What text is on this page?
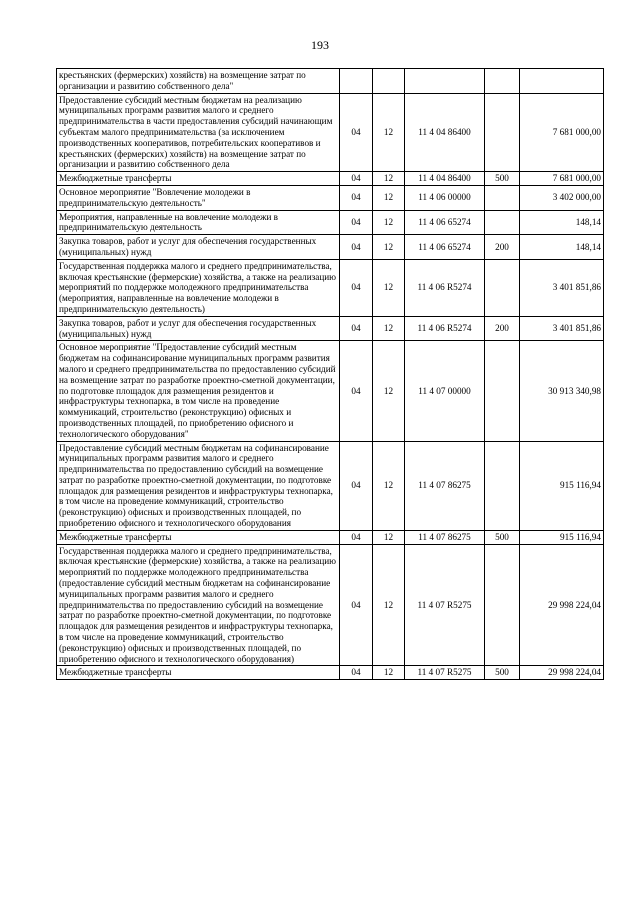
193
крестьянских (фермерских) хозяйств) на возмещение затрат по организации и развитию собственного дела"					
Предоставление субсидий местным бюджетам на реализацию муниципальных программ развития малого и среднего предпринимательства в части предоставления субсидий начинающим субъектам малого предпринимательства (за исключением производственных кооперативов, потребительских кооперативов и крестьянских (фермерских) хозяйств) на возмещение затрат по организации и развитию собственного дела	04	12	11 4 04 86400		7 681 000,00
Межбюджетные трансферты	04	12	11 4 04 86400	500	7 681 000,00
Основное мероприятие "Вовлечение молодежи в предпринимательскую деятельность"	04	12	11 4 06 00000		3 402 000,00
Мероприятия, направленные на вовлечение молодежи в предпринимательскую деятельность	04	12	11 4 06 65274		148,14
Закупка товаров, работ и услуг для обеспечения государственных (муниципальных) нужд	04	12	11 4 06 65274	200	148,14
Государственная поддержка малого и среднего предпринимательства, включая крестьянские (фермерские) хозяйства, а также на реализацию мероприятий по поддержке молодежного предпринимательства (мероприятия, направленные на вовлечение молодежи в предпринимательскую деятельность)	04	12	11 4 06 R5274		3 401 851,86
Закупка товаров, работ и услуг для обеспечения государственных (муниципальных) нужд	04	12	11 4 06 R5274	200	3 401 851,86
Основное мероприятие "Предоставление субсидий местным бюджетам на софинансирование муниципальных программ развития малого и среднего предпринимательства по предоставлению субсидий на возмещение затрат по разработке проектно-сметной документации, по подготовке площадок для размещения резидентов и инфраструктуры технопарка, в том числе на проведение коммуникаций, строительство (реконструкцию) офисных и производственных площадей, по приобретению офисного и технологического оборудования"	04	12	11 4 07 00000		30 913 340,98
Предоставление субсидий местным бюджетам на софинансирование муниципальных программ развития малого и среднего предпринимательства по предоставлению субсидий на возмещение затрат по разработке проектно-сметной документации, по подготовке площадок для размещения резидентов и инфраструктуры технопарка, в том числе на проведение коммуникаций, строительство (реконструкцию) офисных и производственных площадей, по приобретению офисного и технологического оборудования	04	12	11 4 07 86275		915 116,94
Межбюджетные трансферты	04	12	11 4 07 86275	500	915 116,94
Государственная поддержка малого и среднего предпринимательства, включая крестьянские (фермерские) хозяйства, а также на реализацию мероприятий по поддержке молодежного предпринимательства (предоставление субсидий местным бюджетам на софинансирование муниципальных программ развития малого и среднего предпринимательства по предоставлению субсидий на возмещение затрат по разработке проектно-сметной документации, по подготовке площадок для размещения резидентов и инфраструктуры технопарка, в том числе на проведение коммуникаций, строительство (реконструкцию) офисных и производственных площадей, по приобретению офисного и технологического оборудования)	04	12	11 4 07 R5275		29 998 224,04
Межбюджетные трансферты	04	12	11 4 07 R5275	500	29 998 224,04
